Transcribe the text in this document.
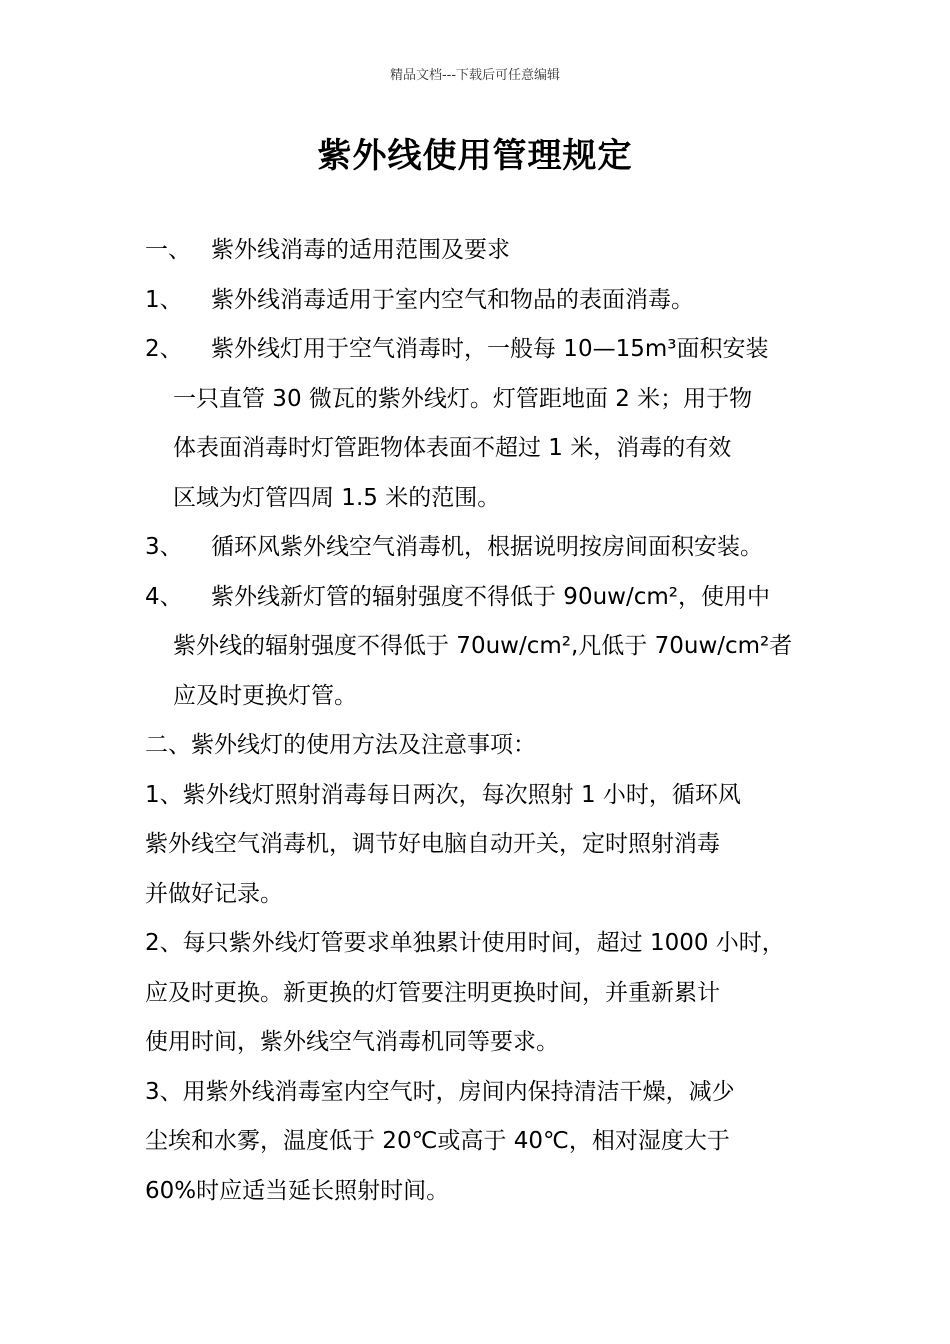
精品文档---下载后可任意编辑
紫外线使用管理规定
一、 紫外线消毒的适用范围及要求
1、	紫外线消毒适用于室内空气和物品的表面消毒。
2、 紫外线灯用于空气消毒时，一般每 10—15m³面积安装
一只直管 30 微瓦的紫外线灯。灯管距地面 2 米；用于物
体表面消毒时灯管距物体表面不超过 1 米，消毒的有效
区域为灯管四周 1.5 米的范围。
3、	循环风紫外线空气消毒机，根据说明按房间面积安装。
4、 紫外线新灯管的辐射强度不得低于 90uw/cm²，使用中
紫外线的辐射强度不得低于 70uw/cm²,凡低于 70uw/cm²者
应及时更换灯管。
二、紫外线灯的使用方法及注意事项：
1、紫外线灯照射消毒每日两次，每次照射 1 小时，循环风
紫外线空气消毒机，调节好电脑自动开关，定时照射消毒
并做好记录。
2、每只紫外线灯管要求单独累计使用时间，超过 1000 小时，
应及时更换。新更换的灯管要注明更换时间，并重新累计
使用时间，紫外线空气消毒机同等要求。
3、用紫外线消毒室内空气时，房间内保持清洁干燥，减少
尘埃和水雾，温度低于 20℃或高于 40℃，相对湿度大于
60%时应适当延长照射时间。
